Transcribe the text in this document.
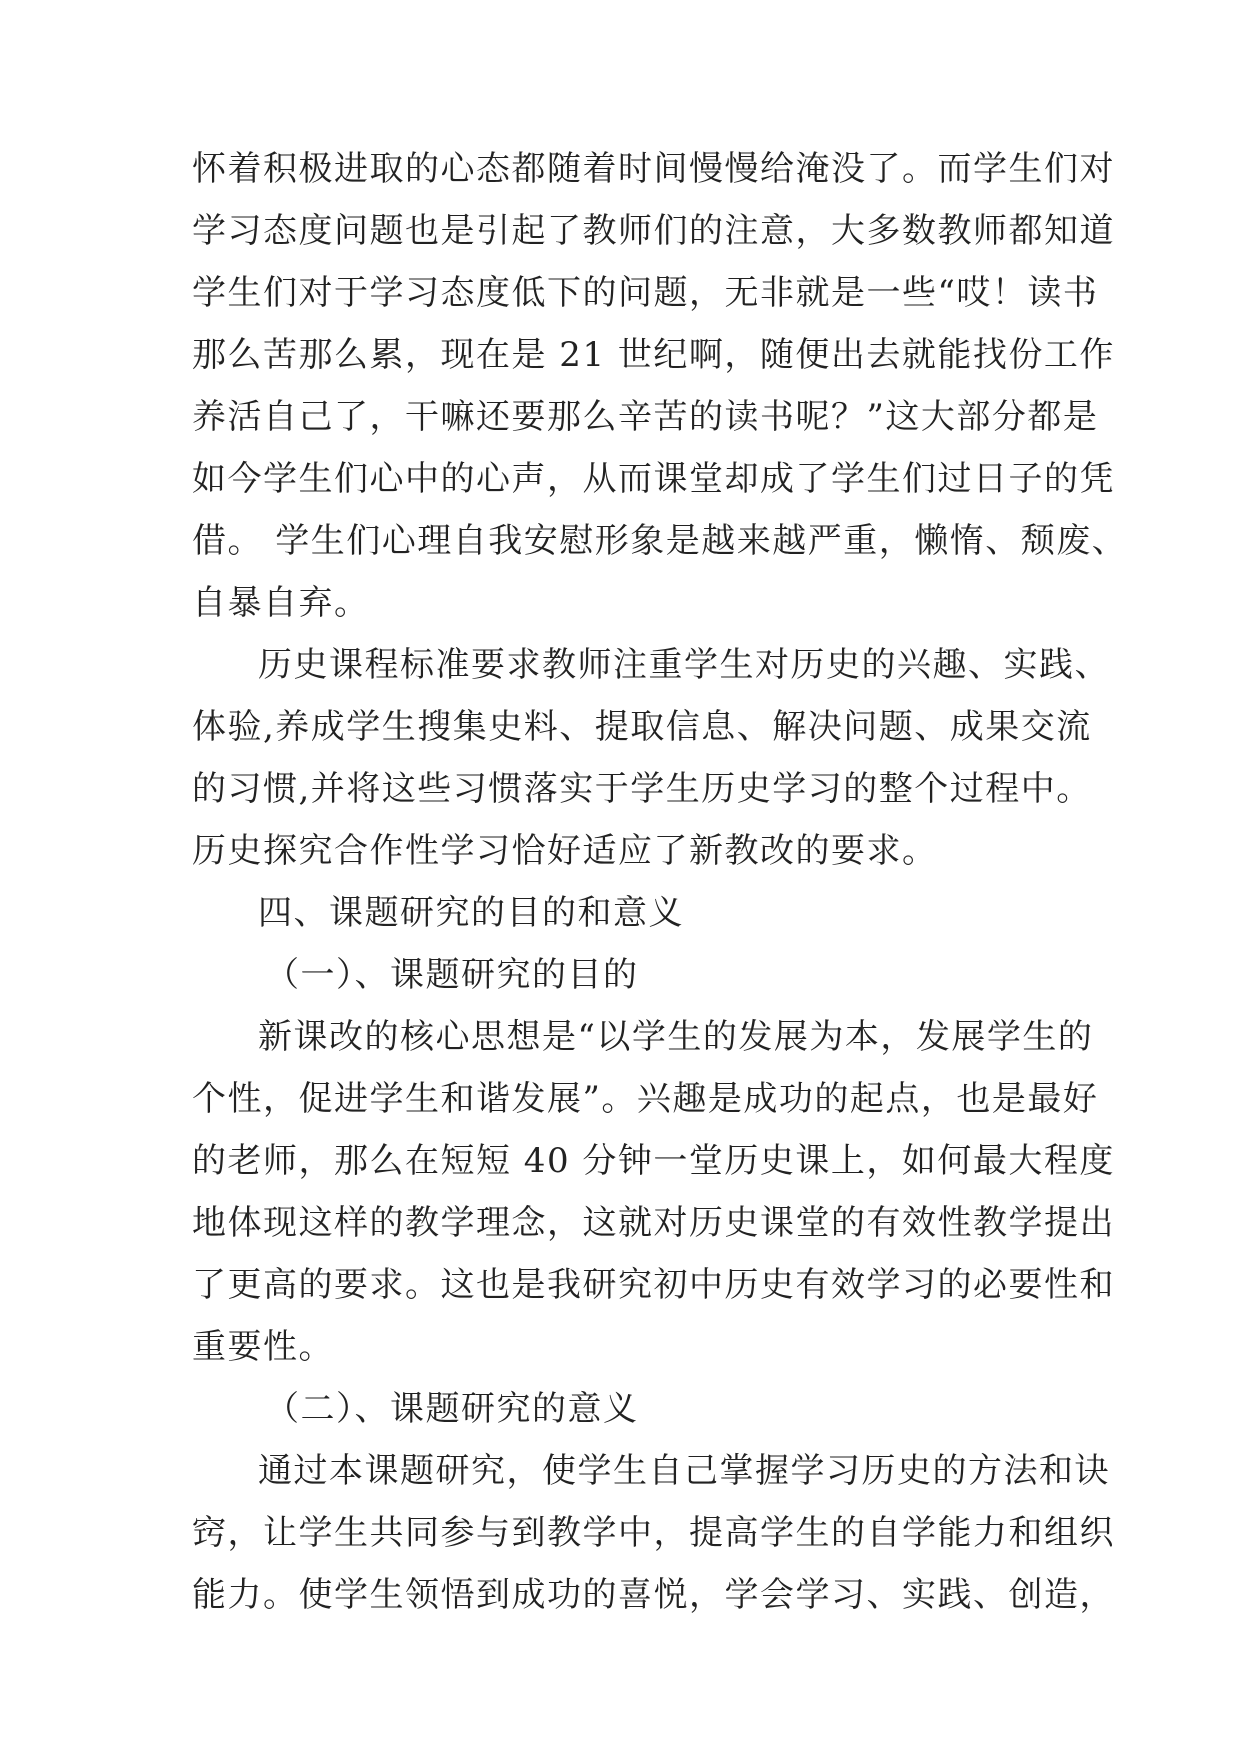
怀着积极进取的心态都随着时间慢慢给淹没了。而学生们对
学习态度问题也是引起了教师们的注意，大多数教师都知道
学生们对于学习态度低下的问题，无非就是一些“哎！读书
那么苦那么累，现在是 21 世纪啊，随便出去就能找份工作
养活自己了，干嘛还要那么辛苦的读书呢？”这大部分都是
如今学生们心中的心声，从而课堂却成了学生们过日子的凭
借。 学生们心理自我安慰形象是越来越严重，懒惰、颓废、
自暴自弃。
历史课程标准要求教师注重学生对历史的兴趣、实践、
体验,养成学生搜集史料、提取信息、解决问题、成果交流
的习惯,并将这些习惯落实于学生历史学习的整个过程中。
历史探究合作性学习恰好适应了新教改的要求。
四、课题研究的目的和意义
（一）、课题研究的目的
新课改的核心思想是“以学生的发展为本，发展学生的
个性，促进学生和谐发展”。兴趣是成功的起点，也是最好
的老师，那么在短短 40 分钟一堂历史课上，如何最大程度
地体现这样的教学理念，这就对历史课堂的有效性教学提出
了更高的要求。这也是我研究初中历史有效学习的必要性和
重要性。
（二）、课题研究的意义
通过本课题研究，使学生自己掌握学习历史的方法和诀
窍，让学生共同参与到教学中，提高学生的自学能力和组织
能力。使学生领悟到成功的喜悦，学会学习、实践、创造，
